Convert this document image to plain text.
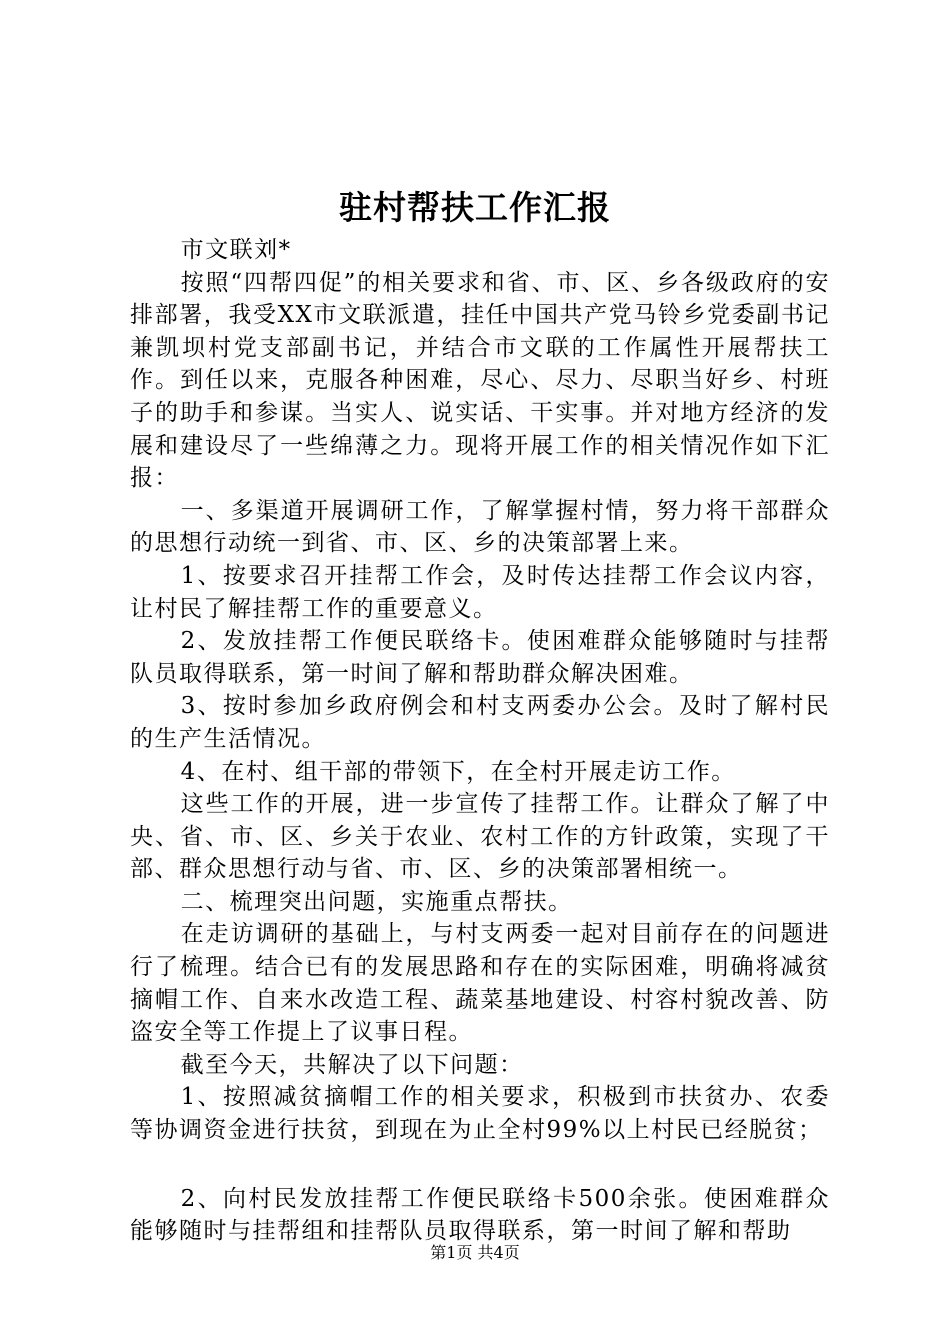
驻村帮扶工作汇报

市文联刘*

按照“四帮四促”的相关要求和省、市、区、乡各级政府的安排部署，我受XX市文联派遣，挂任中国共产党马铃乡党委副书记兼凯坝村党支部副书记，并结合市文联的工作属性开展帮扶工作。到任以来，克服各种困难，尽心、尽力、尽职当好乡、村班子的助手和参谋。当实人、说实话、干实事。并对地方经济的发展和建设尽了一些绵薄之力。现将开展工作的相关情况作如下汇报：

一、多渠道开展调研工作，了解掌握村情，努力将干部群众的思想行动统一到省、市、区、乡的决策部署上来。

1、按要求召开挂帮工作会，及时传达挂帮工作会议内容，让村民了解挂帮工作的重要意义。

2、发放挂帮工作便民联络卡。使困难群众能够随时与挂帮队员取得联系，第一时间了解和帮助群众解决困难。

3、按时参加乡政府例会和村支两委办公会。及时了解村民的生产生活情况。

4、在村、组干部的带领下，在全村开展走访工作。

这些工作的开展，进一步宣传了挂帮工作。让群众了解了中央、省、市、区、乡关于农业、农村工作的方针政策，实现了干部、群众思想行动与省、市、区、乡的决策部署相统一。

二、梳理突出问题，实施重点帮扶。

在走访调研的基础上，与村支两委一起对目前存在的问题进行了梳理。结合已有的发展思路和存在的实际困难，明确将减贫摘帽工作、自来水改造工程、蔬菜基地建设、村容村貌改善、防盗安全等工作提上了议事日程。

截至今天，共解决了以下问题：

1、按照减贫摘帽工作的相关要求，积极到市扶贫办、农委等协调资金进行扶贫，到现在为止全村99%以上村民已经脱贫；

2、向村民发放挂帮工作便民联络卡500余张。使困难群众能够随时与挂帮组和挂帮队员取得联系，第一时间了解和帮助

第1页 共4页
